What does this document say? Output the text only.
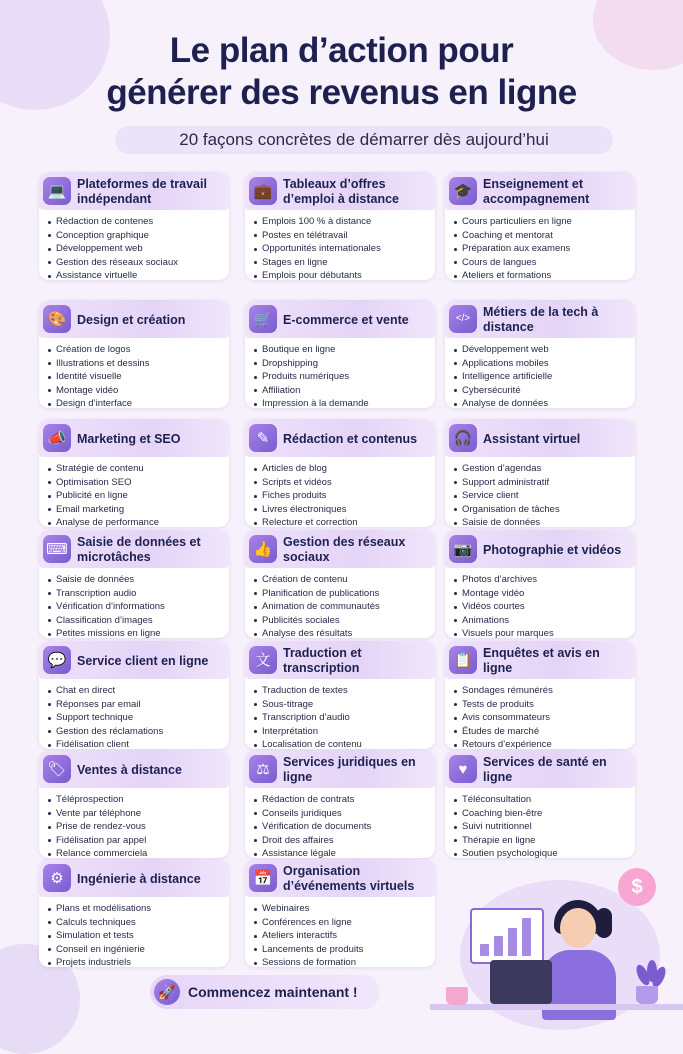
Le plan d’action pour
générer des revenus en ligne
20 façons concrètes de démarrer dès aujourd’hui
💻 Plateformes de travail indépendant
Rédaction de contenes
Conception graphique
Développement web
Gestion des réseaux sociaux
Assistance virtuelle
💼 Tableaux d’offres d’emploi à distance
Emplois 100 % à distance
Postes en télétravail
Opportunités internationales
Stages en ligne
Emplois pour débutants
🎓 Enseignement et accompagnement
Cours particuliers en ligne
Coaching et mentorat
Préparation aux examens
Cours de langues
Ateliers et formations
🎨 Design et création
Création de logos
Illustrations et dessins
Identité visuelle
Montage vidéo
Design d’interface
🛒 E-commerce et vente
Boutique en ligne
Dropshipping
Produits numériques
Affiliation
Impression à la demande
</>	Métiers de la tech à distance
Développement web
Applications mobiles
Intelligence artificielle
Cybersécurité
Analyse de données
📣 Marketing et SEO
Stratégie de contenu
Optimisation SEO
Publicité en ligne
Email marketing
Analyse de performance
✎	Rédaction et contenus
Articles de blog
Scripts et vidéos
Fiches produits
Livres électroniques
Relecture et correction
🎧 Assistant virtuel
Gestion d’agendas
Support administratif
Service client
Organisation de tâches
Saisie de données
⌨ Saisie de données et microtâches
Saisie de données
Transcription audio
Vérification d’informations
Classification d’images
Petites missions en ligne
👍 Gestion des réseaux sociaux
Création de contenu
Planification de publications
Animation de communautés
Publicités sociales
Analyse des résultats
📷 Photographie et vidéos
Photos d’archives
Montage vidéo
Vidéos courtes
Animations
Visuels pour marques
💬 Service client en ligne
Chat en direct
Réponses par email
Support technique
Gestion des réclamations
Fidélisation client
文	Traduction et transcription
Traduction de textes
Sous-titrage
Transcription d’audio
Interprétation
Localisation de contenu
📋 Enquêtes et avis en ligne
Sondages rémunérés
Tests de produits
Avis consommateurs
Études de marché
Retours d’expérience
🏷 Ventes à distance
Téléprospection
Vente par téléphone
Prise de rendez-vous
Fidélisation par appel
Relance commerciela
⚖	Services juridiques en ligne
Rédaction de contrats
Conseils juridiques
Vérification de documents
Droit des affaires
Assistance légale
♥	Services de santé en ligne
Téléconsultation
Coaching bien-être
Suivi nutritionnel
Thérapie en ligne
Soutien psychologique
⚙	Ingénierie à distance
Plans et modélisations
Calculs techniques
Simulation et tests
Conseil en ingénierie
Projets industriels
📅 Organisation d’événements virtuels
Webinaires
Conférences en ligne
Ateliers interactifs
Lancements de produits
Sessions de formation
🚀 Commencez maintenant !
$
